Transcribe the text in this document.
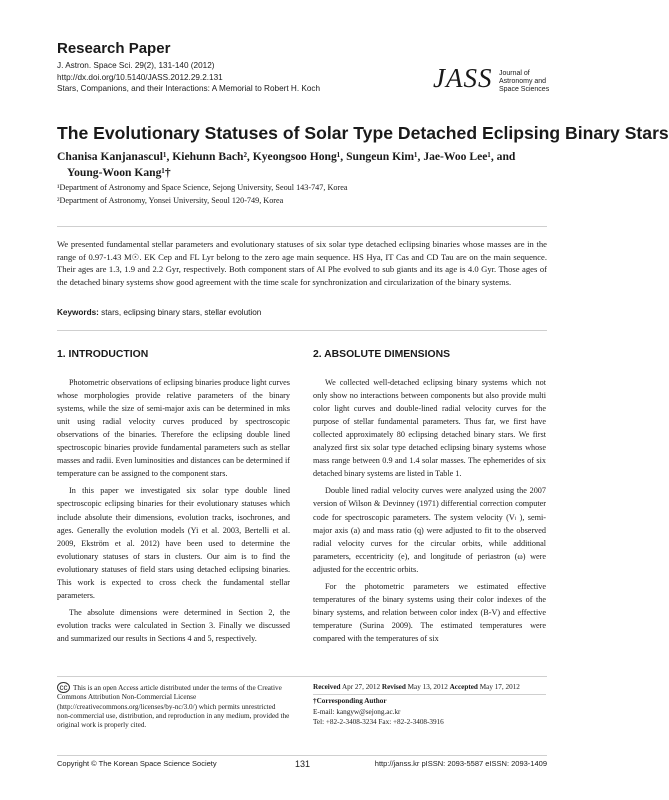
Research Paper
J. Astron. Space Sci. 29(2), 131-140 (2012)
http://dx.doi.org/10.5140/JASS.2012.29.2.131
Stars, Companions, and their Interactions: A Memorial to Robert H. Koch	JASS Journal of
Astronomy and
Space Sciences
The Evolutionary Statuses of Solar Type Detached Eclipsing Binary Stars
Chanisa Kanjanascul¹, Kiehunn Bach², Kyeongsoo Hong¹, Sungeun Kim¹, Jae-Woo Lee¹, and
Young-Woon Kang¹†
¹Department of Astronomy and Space Science, Sejong University, Seoul 143-747, Korea
²Department of Astronomy, Yonsei University, Seoul 120-749, Korea
We presented fundamental stellar parameters and evolutionary statuses of six solar type detached eclipsing binaries whose masses are in the range of 0.97-1.43 M☉. EK Cep and FL Lyr belong to the zero age main sequence. HS Hya, IT Cas and CD Tau are on the main sequence. Their ages are 1.3, 1.9 and 2.2 Gyr, respectively. Both component stars of AI Phe evolved to sub giants and its age is 4.0 Gyr. Those ages of the detached binary systems show good agreement with the time scale for synchronization and circularization of the binary systems.
Keywords: stars, eclipsing binary stars, stellar evolution
1. INTRODUCTION

Photometric observations of eclipsing binaries produce light curves whose morphologies provide relative parameters of the binary systems, while the size of semi-major axis can be determined in mks unit using radial velocity curves produced by spectroscopic observations of the binaries. Therefore the eclipsing double lined spectroscopic binaries provide fundamental parameters such as stellar masses and radii. Even luminosities and distances can be determined if temperature can be assigned to the component stars.

In this paper we investigated six solar type double lined spectroscopic eclipsing binaries for their evolutionary statuses which include absolute their dimensions, evolution tracks, isochrones, and ages. Generally the evolution models (Yi et al. 2003, Bertelli et al. 2009, Ekström et al. 2012) have been used to determine the evolutionary statuses of stars in clusters. Our aim is to find the evolutionary statuses of field stars using detached eclipsing binaries. This work is expected to cross check the fundamental stellar parameters.

The absolute dimensions were determined in Section 2, the evolution tracks were calculated in Section 3. Finally we discussed and summarized our results in Sections 4 and 5, respectively.

2. ABSOLUTE DIMENSIONS

We collected well-detached eclipsing binary systems which not only show no interactions between components but also provide multi color light curves and double-lined radial velocity curves for the purpose of stellar fundamental parameters. Thus far, we first have collected approximately 80 eclipsing detached binary stars. We first analyzed first six solar type detached eclipsing binary systems whose mass range between 0.9 and 1.4 solar masses. The ephemerides of six detached binary systems are listed in Table 1.

Double lined radial velocity curves were analyzed using the 2007 version of Wilson & Devinney (1971) differential correction computer code for spectroscopic parameters. The system velocity (Vₗ ), semi-major axis (a) and mass ratio (q) were adjusted to fit to the observed radial velocity curves for the circular orbits, while additional parameters, eccentricity (e), and longitude of periastron (ω) were adjusted for the eccentric orbits.

For the photometric parameters we estimated effective temperatures of the binary systems using their color indexes of the binary systems, and relation between color index (B-V) and effective temperature (Surina 2009). The estimated temperatures were compared with the temperatures of six

cc This is an open Access article distributed under the terms of the Creative Commons Attribution Non-Commercial License (http://creativecommons.org/licenses/by-nc/3.0/) which permits unrestricted non-commercial use, distribution, and reproduction in any medium, provided the original work is properly cited.
Received Apr 27, 2012 Revised May 13, 2012 Accepted May 17, 2012
†Corresponding Author
E-mail: kangyw@sejong.ac.kr
Tel: +82-2-3408-3234 Fax: +82-2-3408-3916
Copyright © The Korean Space Science Society	131	http://janss.kr pISSN: 2093-5587 eISSN: 2093-1409
